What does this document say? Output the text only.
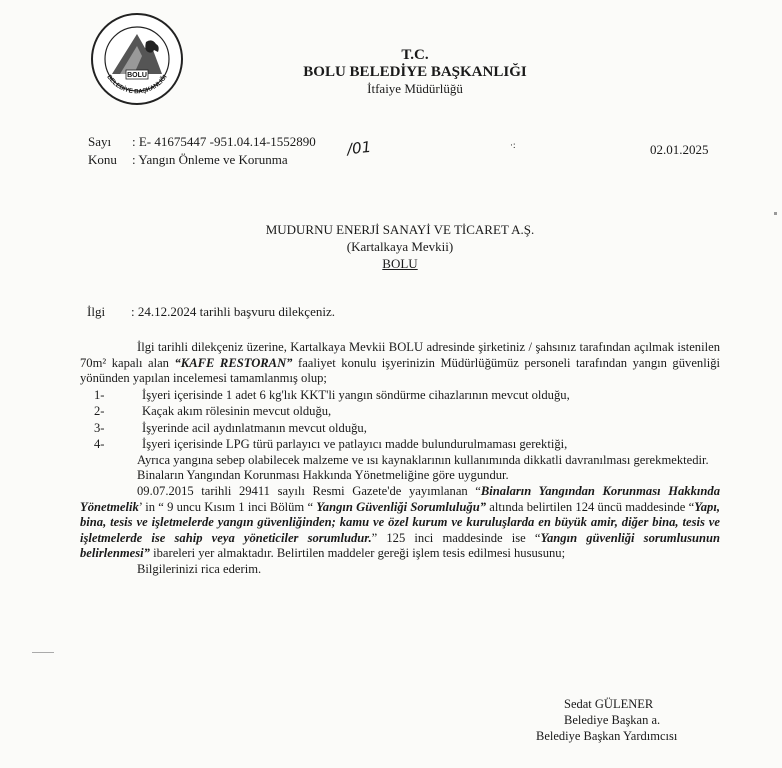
BOLU
BELEDİYE BAŞKANLIĞI
T.C.
BOLU BELEDİYE BAŞKANLIĞI
İtfaiye Müdürlüğü
Sayı : E- 41675447 -951.04.14-1552890
Konu : Yangın Önleme ve Korunma
/01	·:	02.01.2025
MUDURNU ENERJİ SANAYİ VE TİCARET A.Ş.
(Kartalkaya Mevkii)
BOLU
İlgi : 24.12.2024 tarihli başvuru dilekçeniz.

İlgi tarihli dilekçeniz üzerine, Kartalkaya Mevkii BOLU adresinde şirketiniz / şahsınız tarafından açılmak istenilen 70m² kapalı alan “KAFE RESTORAN” faaliyet konulu işyerinizin Müdürlüğümüz personeli tarafından yangın güvenliği yönünden yapılan incelemesi tamamlanmış olup;

1-	İşyeri içerisinde 1 adet 6 kg'lık KKT'li yangın söndürme cihazlarının mevcut olduğu,
2-	Kaçak akım rölesinin mevcut olduğu,
3-	İşyerinde acil aydınlatmanın mevcut olduğu,
4-	İşyeri içerisinde LPG türü parlayıcı ve patlayıcı madde bulundurulmaması gerektiği,

Ayrıca yangına sebep olabilecek malzeme ve ısı kaynaklarının kullanımında dikkatli davranılması gerekmektedir.

Binaların Yangından Korunması Hakkında Yönetmeliğine göre uygundur.

09.07.2015 tarihli 29411 sayılı Resmi Gazete'de yayımlanan “Binaların Yangından Korunması Hakkında Yönetmelik’ in “ 9 uncu Kısım 1 inci Bölüm “ Yangın Güvenliği Sorumluluğu” altında belirtilen 124 üncü maddesinde “Yapı, bina, tesis ve işletmelerde yangın güvenliğinden; kamu ve özel kurum ve kuruluşlarda en büyük amir, diğer bina, tesis ve işletmelerde ise sahip veya yöneticiler sorumludur.” 125 inci maddesinde ise “Yangın güvenliği sorumlusunun belirlenmesi” ibareleri yer almaktadır. Belirtilen maddeler gereği işlem tesis edilmesi hususunu;

Bilgilerinizi rica ederim.

Sedat GÜLENER
Belediye Başkan a.
Belediye Başkan Yardımcısı
